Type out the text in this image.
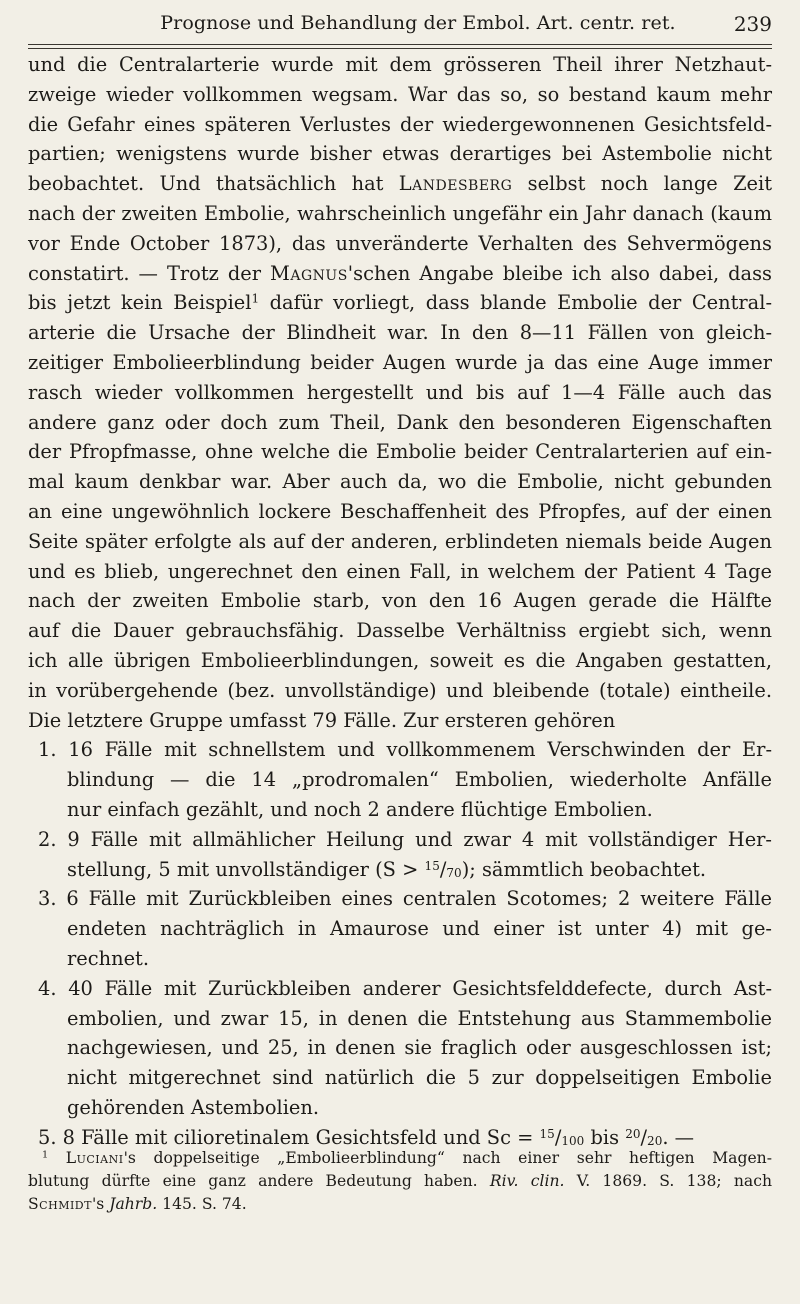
Prognose und Behandlung der Embol. Art. centr. ret.	239
und die Centralarterie wurde mit dem grösseren Theil ihrer Netzhaut-
zweige wieder vollkommen wegsam. War das so, so bestand kaum mehr
die Gefahr eines späteren Verlustes der wiedergewonnenen Gesichtsfeld-
partien; wenigstens wurde bisher etwas derartiges bei Astembolie nicht
beobachtet. Und thatsächlich hat Landesberg selbst noch lange Zeit
nach der zweiten Embolie, wahrscheinlich ungefähr ein Jahr danach (kaum
vor Ende October 1873), das unveränderte Verhalten des Sehvermögens
constatirt. — Trotz der Magnus'schen Angabe bleibe ich also dabei, dass
bis jetzt kein Beispiel$^1$ dafür vorliegt, dass blande Embolie der Central-
arterie die Ursache der Blindheit war. In den 8—11 Fällen von gleich-
zeitiger Embolieerblindung beider Augen wurde ja das eine Auge immer
rasch wieder vollkommen hergestellt und bis auf 1—4 Fälle auch das
andere ganz oder doch zum Theil, Dank den besonderen Eigenschaften
der Pfropfmasse, ohne welche die Embolie beider Centralarterien auf ein-
mal kaum denkbar war. Aber auch da, wo die Embolie, nicht gebunden
an eine ungewöhnlich lockere Beschaffenheit des Pfropfes, auf der einen
Seite später erfolgte als auf der anderen, erblindeten niemals beide Augen
und es blieb, ungerechnet den einen Fall, in welchem der Patient 4 Tage
nach der zweiten Embolie starb, von den 16 Augen gerade die Hälfte
auf die Dauer gebrauchsfähig. Dasselbe Verhältniss ergiebt sich, wenn
ich alle übrigen Embolieerblindungen, soweit es die Angaben gestatten,
in vorübergehende (bez. unvollständige) und bleibende (totale) eintheile.
Die letztere Gruppe umfasst 79 Fälle. Zur ersteren gehören
1. 16 Fälle mit schnellstem und vollkommenem Verschwinden der Er-
blindung — die 14 „prodromalen“ Embolien, wiederholte Anfälle
nur einfach gezählt, und noch 2 andere flüchtige Embolien.
2. 9 Fälle mit allmählicher Heilung und zwar 4 mit vollständiger Her-
stellung, 5 mit unvollständiger $(S > ^{15}/_{70})$; sämmtlich beobachtet.
3. 6 Fälle mit Zurückbleiben eines centralen Scotomes; 2 weitere Fälle
endeten nachträglich in Amaurose und einer ist unter 4) mit ge-
rechnet.
4. 40 Fälle mit Zurückbleiben anderer Gesichtsfelddefecte, durch Ast-
embolien, und zwar 15, in denen die Entstehung aus Stammembolie
nachgewiesen, und 25, in denen sie fraglich oder ausgeschlossen ist;
nicht mitgerechnet sind natürlich die 5 zur doppelseitigen Embolie
gehörenden Astembolien.
5. 8 Fälle mit cilioretinalem Gesichtsfeld und $Sc = ^{15}/_{100}$ bis $^{20}/_{20}$. —
$^1$ Luciani's doppelseitige „Embolieerblindung“ nach einer sehr heftigen Magen-
blutung dürfte eine ganz andere Bedeutung haben. Riv. clin. V. 1869. S. 138; nach
Schmidt's Jahrb. 145. S. 74.
